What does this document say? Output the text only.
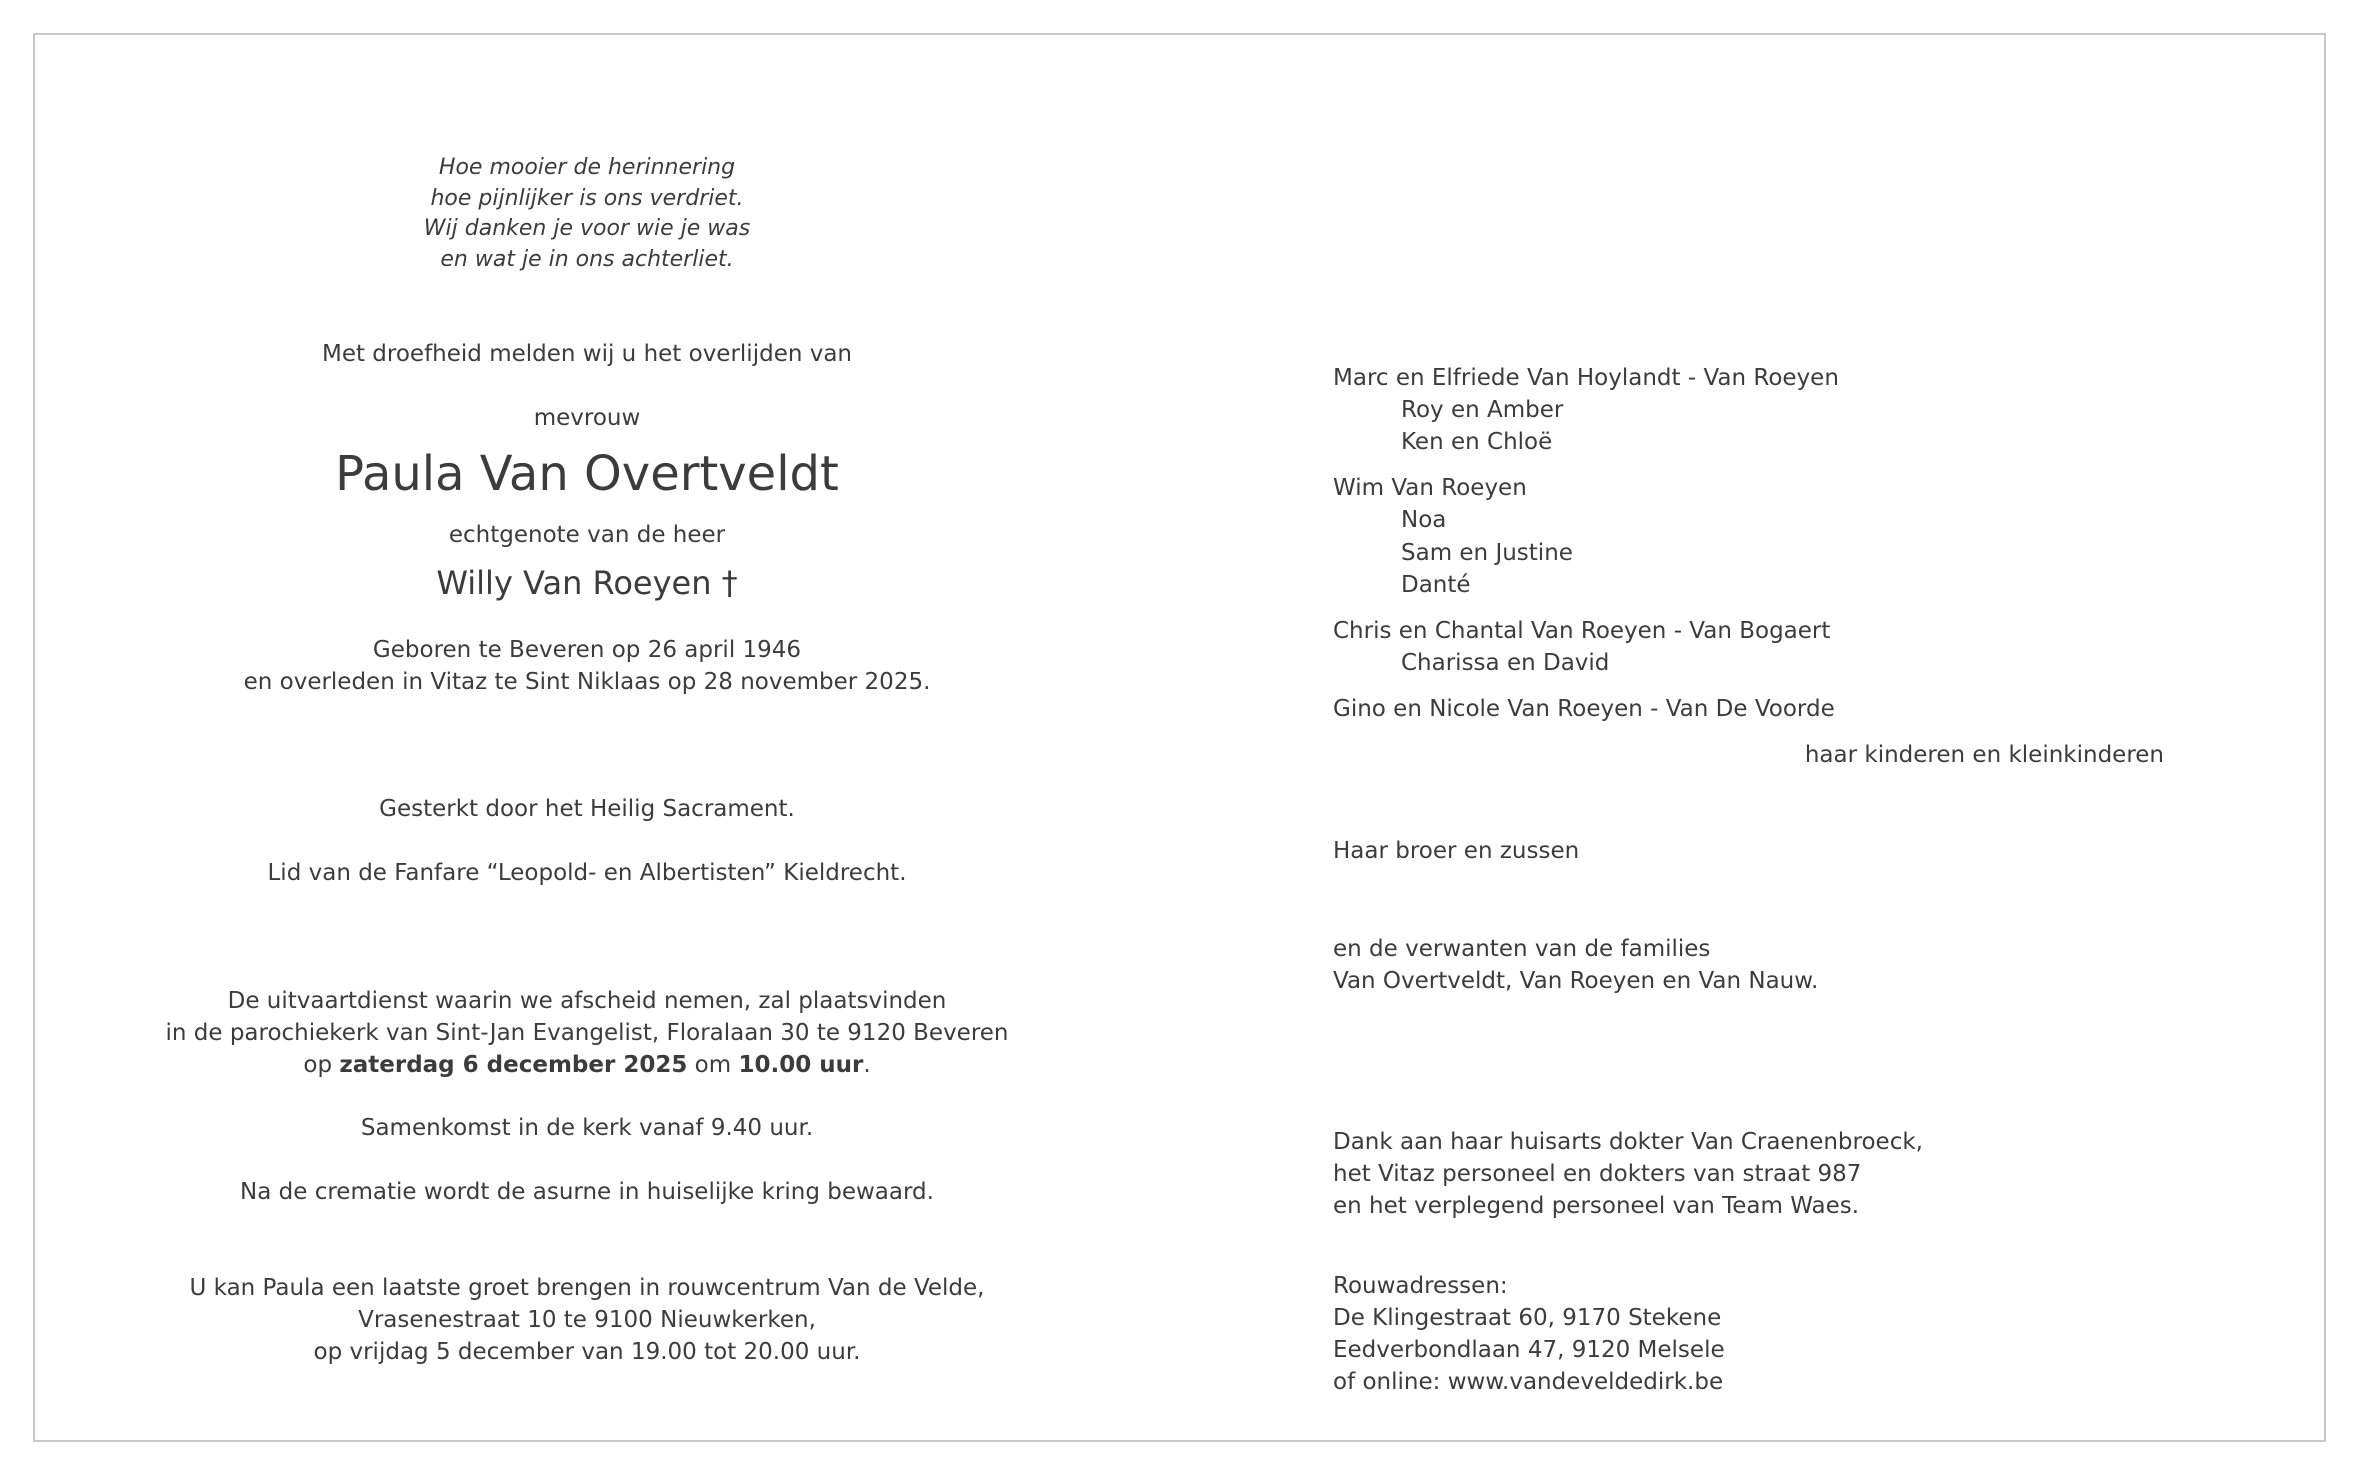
Hoe mooier de herinnering
hoe pijnlijker is ons verdriet.
Wij danken je voor wie je was
en wat je in ons achterliet.
Met droefheid melden wij u het overlijden van
mevrouw
Paula Van Overtveldt
echtgenote van de heer
Willy Van Roeyen †
Geboren te Beveren op 26 april 1946
en overleden in Vitaz te Sint Niklaas op 28 november 2025.
Gesterkt door het Heilig Sacrament.
Lid van de Fanfare “Leopold- en Albertisten” Kieldrecht.
De uitvaartdienst waarin we afscheid nemen, zal plaatsvinden
in de parochiekerk van Sint-Jan Evangelist, Floralaan 30 te 9120 Beveren
op zaterdag 6 december 2025 om 10.00 uur.
Samenkomst in de kerk vanaf 9.40 uur.
Na de crematie wordt de asurne in huiselijke kring bewaard.
U kan Paula een laatste groet brengen in rouwcentrum Van de Velde,
Vrasenestraat 10 te 9100 Nieuwkerken,
op vrijdag 5 december van 19.00 tot 20.00 uur.
Marc en Elfriede Van Hoylandt - Van Roeyen
Roy en Amber
Ken en Chloë
Wim Van Roeyen
Noa
Sam en Justine
Danté
Chris en Chantal Van Roeyen - Van Bogaert
Charissa en David
Gino en Nicole Van Roeyen - Van De Voorde
haar kinderen en kleinkinderen
Haar broer en zussen
en de verwanten van de families
Van Overtveldt, Van Roeyen en Van Nauw.
Dank aan haar huisarts dokter Van Craenenbroeck,
het Vitaz personeel en dokters van straat 987
en het verplegend personeel van Team Waes.
Rouwadressen:
De Klingestraat 60, 9170 Stekene
Eedverbondlaan 47, 9120 Melsele
of online: www.vandeveldedirk.be
